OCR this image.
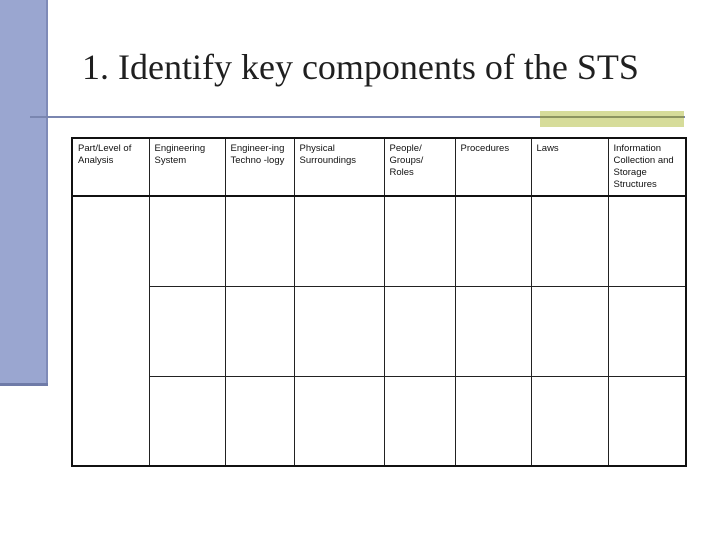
1. Identify key components of the STS
Part/Level of Analysis	Engineering System	Engineer-ing Techno -logy	Physical Surroundings	People/ Groups/ Roles	Procedures	Laws	Information Collection and Storage Structures
